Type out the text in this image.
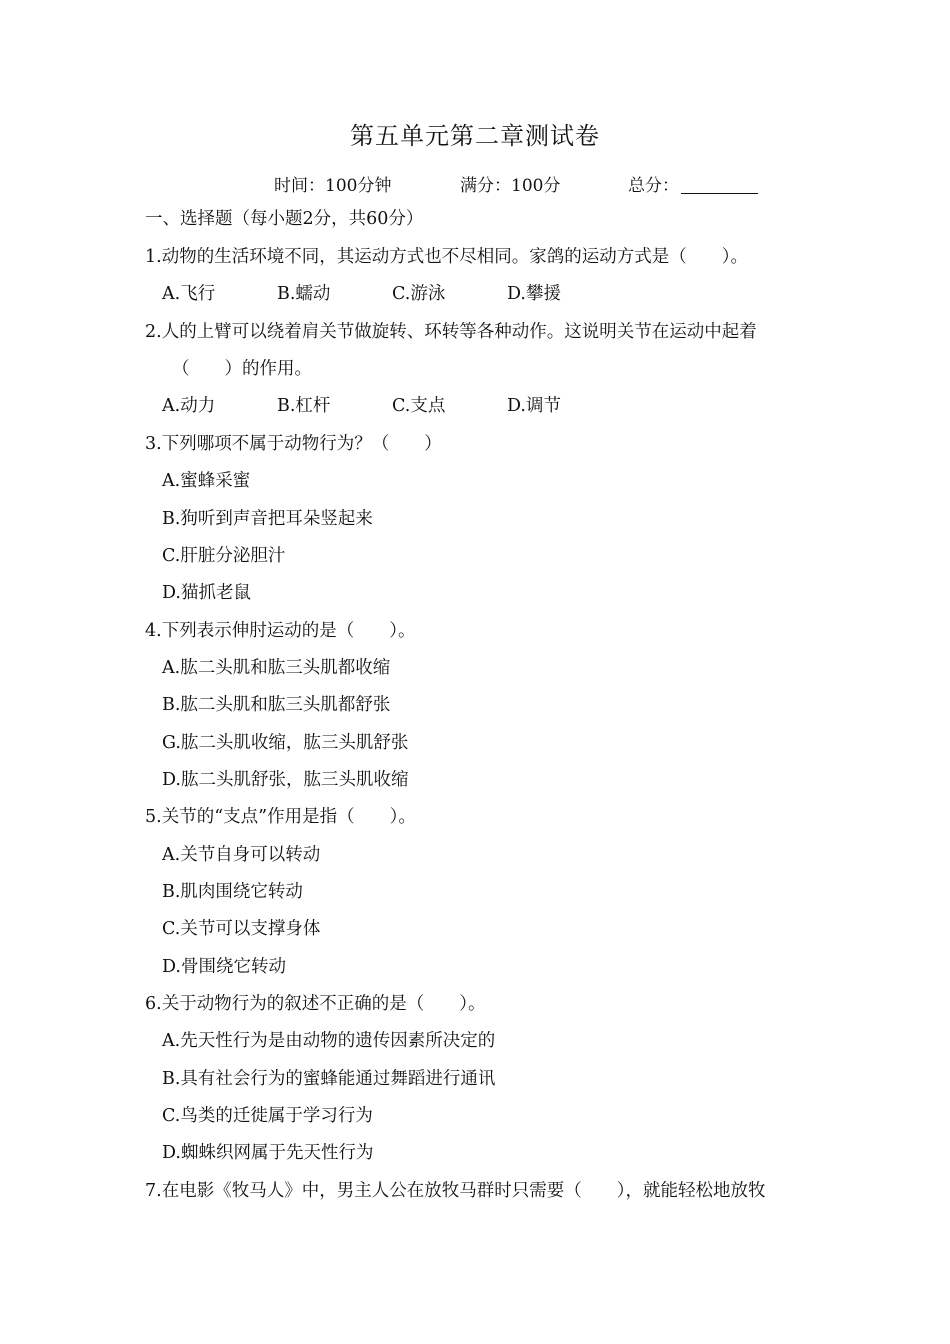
第五单元第二章测试卷
时间：100分钟	满分：100分	总分：
一、选择题（每小题2分，共60分）
1.动物的生活环境不同，其运动方式也不尽相同。家鸽的运动方式是（　　）。
A.飞行	B.蠕动	C.游泳	D.攀援
2.人的上臂可以绕着肩关节做旋转、环转等各种动作。这说明关节在运动中起着
（　　）的作用。
A.动力	B.杠杆	C.支点	D.调节
3.下列哪项不属于动物行为？（　　）
A.蜜蜂采蜜
B.狗听到声音把耳朵竖起来
C.肝脏分泌胆汁
D.猫抓老鼠
4.下列表示伸肘运动的是（　　）。
A.肱二头肌和肱三头肌都收缩
B.肱二头肌和肱三头肌都舒张
G.肱二头肌收缩，肱三头肌舒张
D.肱二头肌舒张，肱三头肌收缩
5.关节的“支点”作用是指（　　）。
A.关节自身可以转动
B.肌肉围绕它转动
C.关节可以支撑身体
D.骨围绕它转动
6.关于动物行为的叙述不正确的是（　　）。
A.先天性行为是由动物的遗传因素所决定的
B.具有社会行为的蜜蜂能通过舞蹈进行通讯
C.鸟类的迁徙属于学习行为
D.蜘蛛织网属于先天性行为
7.在电影《牧马人》中，男主人公在放牧马群时只需要（　　），就能轻松地放牧
